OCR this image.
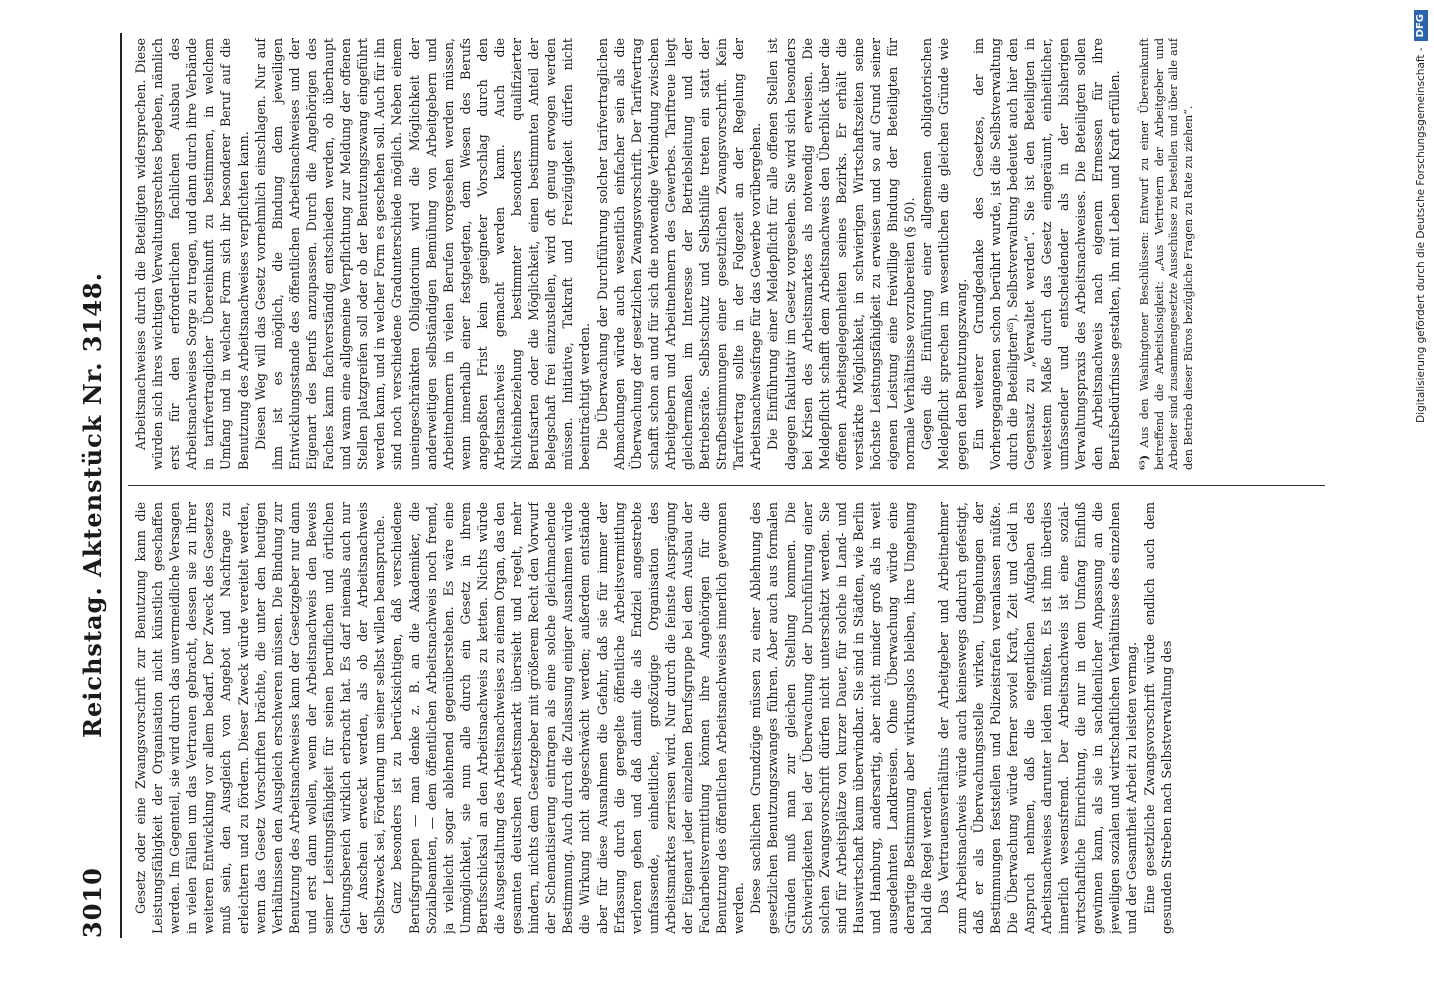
3010
Reichstag. Aktenstück Nr. 3148. Gesetz oder eine Zwangsvorschrift zur Benutzung kann die Leistungsfähigkeit der Organisation nicht künstlich geschaffen werden. Im Gegenteil, sie wird durch das unvermeidliche Versagen in vielen Fällen um das Vertrauen gebracht, dessen sie zu ihrer weiteren Entwicklung vor allem bedarf. Der Zweck des Gesetzes muß sein, den Ausgleich von Angebot und Nachfrage zu erleichtern und zu fördern. Dieser Zweck würde vereitelt werden, wenn das Gesetz Vorschriften brächte, die unter den heutigen Verhältnissen den Ausgleich erschweren müssen. Die Bindung zur Benutzung des Arbeitsnachweises kann der Gesetzgeber nur dann und erst dann wollen, wenn der Arbeitsnachweis den Beweis seiner Leistungsfähigkeit für seinen beruflichen und örtlichen Geltungsbereich wirklich erbracht hat. Es darf niemals auch nur der Anschein erweckt werden, als ob der Arbeitsnachweis Selbstzweck sei, Förderung um seiner selbst willen beanspruche. Ganz besonders ist zu berücksichtigen, daß verschiedene Berufsgruppen — man denke z. B. an die Akademiker, die Sozialbeamten, — dem öffentlichen Arbeitsnachweis noch fremd, ja vielleicht sogar ablehnend gegenüberstehen. Es wäre eine Unmöglichkeit, sie nun alle durch ein Gesetz in ihrem Berufsschicksal an den Arbeitsnachweis zu ketten. Nichts würde die Ausgestaltung des Arbeitsnachweises zu einem Organ, das den gesamten deutschen Arbeitsmarkt übersieht und regelt, mehr hindern, nichts dem Gesetzgeber mit größerem Recht den Vorwurf der Schematisierung eintragen als eine solche gleichmachende Bestimmung. Auch durch die Zulassung einiger Ausnahmen würde die Wirkung nicht abgeschwächt werden; außerdem entstände aber für diese Ausnahmen die Gefahr, daß sie für immer der Erfassung durch die geregelte öffentliche Arbeitsvermittlung verloren gehen und daß damit die als Endziel angestrebte umfassende, einheitliche, großzügige Organisation des Arbeitsmarktes zerrissen wird. Nur durch die feinste Ausprägung der Eigenart jeder einzelnen Berufsgruppe bei dem Ausbau der Facharbeitsvermittlung können ihre Angehörigen für die Benutzung des öffentlichen Arbeitsnachweises innerlich gewonnen werden. Diese sachlichen Grundzüge müssen zu einer Ablehnung des gesetzlichen Benutzungszwanges führen. Aber auch aus formalen Gründen muß man zur gleichen Stellung kommen. Die Schwierigkeiten bei der Überwachung der Durchführung einer solchen Zwangsvorschrift dürfen nicht unterschätzt werden. Sie sind für Arbeitsplätze von kurzer Dauer, für solche in Land- und Hauswirtschaft kaum überwindbar. Sie sind in Städten, wie Berlin und Hamburg, andersartig, aber nicht minder groß als in weit ausgedehnten Landkreisen. Ohne Überwachung würde eine derartige Bestimmung aber wirkungslos bleiben, ihre Umgehung bald die Regel werden. Das Vertrauensverhältnis der Arbeitgeber und Arbeitnehmer zum Arbeitsnachweis würde auch keineswegs dadurch gefestigt, daß er als Überwachungsstelle wirken, Umgehungen der Bestimmungen feststellen und Polizeistrafen veranlassen müßte. Die Überwachung würde ferner soviel Kraft, Zeit und Geld in Anspruch nehmen, daß die eigentlichen Aufgaben des Arbeitsnachweises darunter leiden müßten. Es ist ihm überdies innerlich wesensfremd. Der Arbeitsnachweis ist eine sozial-wirtschaftliche Einrichtung, die nur in dem Umfang Einfluß gewinnen kann, als sie in sachdienlicher Anpassung an die jeweiligen sozialen und wirtschaftlichen Verhältnisse des einzelnen und der Gesamtheit Arbeit zu leisten vermag. Eine gesetzliche Zwangsvorschrift würde endlich auch dem gesunden Streben nach Selbstverwaltung des

Arbeitsnachweises durch die Beteiligten widersprechen. Diese würden sich ihres wichtigen Verwaltungsrechtes begeben, nämlich erst für den erforderlichen fachlichen Ausbau des Arbeitsnachweises Sorge zu tragen, und dann durch ihre Verbände in tarifvertraglicher Übereinkunft zu bestimmen, in welchem Umfang und in welcher Form sich ihr besonderer Beruf auf die Benutzung des Arbeitsnachweises verpflichten kann. Diesen Weg will das Gesetz vornehmlich einschlagen. Nur auf ihm ist es möglich, die Bindung dem jeweiligen Entwicklungsstande des öffentlichen Arbeitsnachweises und der Eigenart des Berufs anzupassen. Durch die Angehörigen des Faches kann fachverständig entschieden werden, ob überhaupt und wann eine allgemeine Verpflichtung zur Meldung der offenen Stellen platzgreifen soll oder ob der Benutzungszwang eingeführt werden kann, und in welcher Form es geschehen soll. Auch für ihn sind noch verschiedene Gradunterschiede möglich. Neben einem uneingeschränkten Obligatorium wird die Möglichkeit der anderweitigen selbständigen Bemühung von Arbeitgebern und Arbeitnehmern in vielen Berufen vorgesehen werden müssen, wenn innerhalb einer festgelegten, dem Wesen des Berufs angepaßten Frist kein geeigneter Vorschlag durch den Arbeitsnachweis gemacht werden kann. Auch die Nichteinbeziehung bestimmter besonders qualifizierter Berufsarten oder die Möglichkeit, einen bestimmten Anteil der Belegschaft frei einzustellen, wird oft genug erwogen werden müssen. Initiative, Tatkraft und Freizügigkeit dürfen nicht beeinträchtigt werden. Die Überwachung der Durchführung solcher tarifvertraglichen Abmachungen würde auch wesentlich einfacher sein als die Überwachung der gesetzlichen Zwangsvorschrift. Der Tarifvertrag schafft schon an und für sich die notwendige Verbindung zwischen Arbeitgebern und Arbeitnehmern des Gewerbes. Tariftreue liegt gleichermaßen im Interesse der Betriebsleitung und der Betriebsräte. Selbstschutz und Selbsthilfe treten ein statt der Strafbestimmungen einer gesetzlichen Zwangsvorschrift. Kein Tarifvertrag sollte in der Folgezeit an der Regelung der Arbeitsnachweisfrage für das Gewerbe vorübergehen. Die Einführung einer Meldepflicht für alle offenen Stellen ist dagegen fakultativ im Gesetz vorgesehen. Sie wird sich besonders bei Krisen des Arbeitsmarktes als notwendig erweisen. Die Meldepflicht schafft dem Arbeitsnachweis den Überblick über die offenen Arbeitsgelegenheiten seines Bezirks. Er erhält die verstärkte Möglichkeit, in schwierigen Wirtschaftszeiten seine höchste Leistungsfähigkeit zu erweisen und so auf Grund seiner eigenen Leistung eine freiwillige Bindung der Beteiligten für normale Verhältnisse vorzubereiten (§ 50). Gegen die Einführung einer allgemeinen obligatorischen Meldepflicht sprechen im wesentlichen die gleichen Gründe wie gegen den Benutzungszwang. Ein weiterer Grundgedanke des Gesetzes, der im Vorhergegangenen schon berührt wurde, ist die Selbstverwaltung durch die Beteiligten⁶⁵). Selbstverwaltung bedeutet auch hier den Gegensatz zu „Verwaltet werden“. Sie ist den Beteiligten in weitestem Maße durch das Gesetz eingeräumt, einheitlicher, umfassender und entscheidender als in der bisherigen Verwaltungspraxis des Arbeitsnachweises. Die Beteiligten sollen den Arbeitsnachweis nach eigenem Ermessen für ihre Berufsbedürfnisse gestalten, ihn mit Leben und Kraft erfüllen. ⁶⁵) Aus den Washingtoner Beschlüssen: Entwurf zu einer Übereinkunft betreffend die Arbeitslosigkeit: „Aus Vertretern der Arbeitgeber und Arbeiter sind zusammengesetzte Ausschüsse zu bestellen und über alle auf den Betrieb dieser Büros bezügliche Fragen zu Rate zu ziehen“.	Digitalisierung gefördert durch die Deutsche Forschungsgemeinschaft -DFG
